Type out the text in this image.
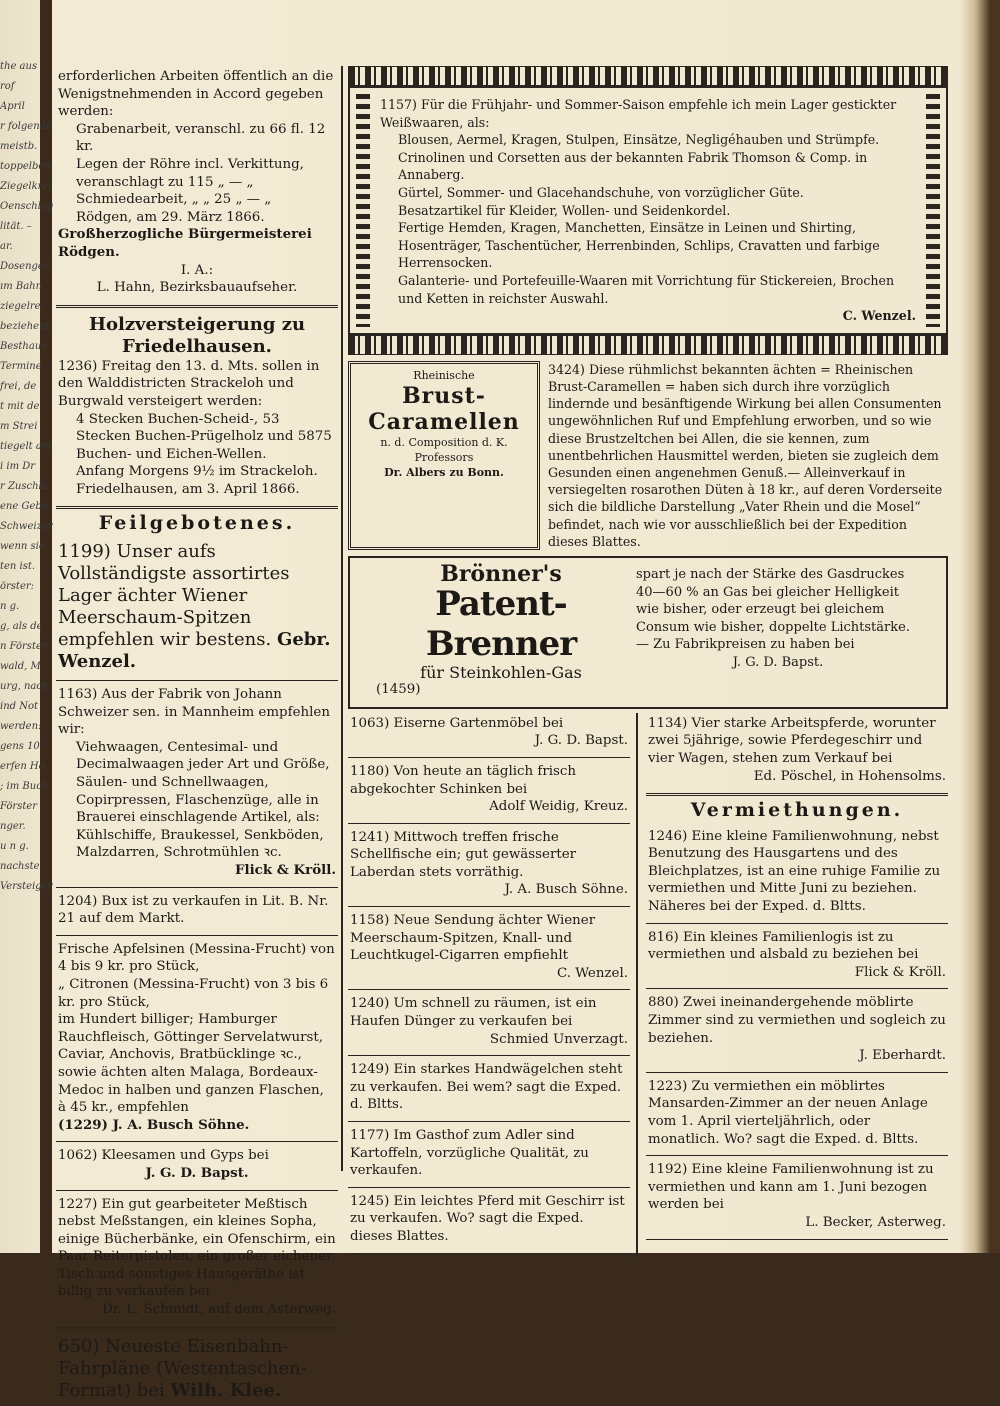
the aus
rof
April
r folgende
meistb.
toppelben
Ziegelkrei
Oenschlag
lität. –
ar.
Dosenger
ım Bahn
ziegelrei
beziehent
Besthaus
Termine
frei, de
t mit de
m Strei
tiegelt am
i im Dr
r Zuschla
ene Gebo
Schweizer
wenn sie
ten ist.
örster:
n g.
g, als de
n Förster
wald, M
urg, nach
ind Not
werden:
gens 10
erfen Ho
; im Buch
Förster
nger.
u n g.
nachste
Versteiger
erforderlichen Arbeiten öffentlich an die Wenigstnehmenden in Accord gegeben werden:
Grabenarbeit, veranschl. zu 66 fl. 12 kr.
Legen der Röhre incl. Verkittung, veranschlagt zu 115 „ — „
Schmiedearbeit, „ „ 25 „ — „
Rödgen, am 29. März 1866.
Großherzogliche Bürgermeisterei Rödgen.
I. A.:
L. Hahn, Bezirksbauaufseher.
Holzversteigerung zu Friedelhausen.
1236) Freitag den 13. d. Mts. sollen in den Walddistricten Strackeloh und Burgwald versteigert werden:
4 Stecken Buchen-Scheid-, 53 Stecken Buchen-Prügelholz und 5875 Buchen- und Eichen-Wellen.
Anfang Morgens 9½ im Strackeloh.
Friedelhausen, am 3. April 1866.
Feilgebotenes.
1199) Unser aufs Vollständigste assortirtes Lager ächter Wiener Meerschaum-Spitzen empfehlen wir bestens. Gebr. Wenzel.
1163) Aus der Fabrik von Johann Schweizer sen. in Mannheim empfehlen wir:
Viehwaagen, Centesimal- und Decimalwaagen jeder Art und Größe, Säulen- und Schnellwaagen, Copirpressen, Flaschenzüge, alle in Brauerei einschlagende Artikel, als: Kühlschiffe, Braukessel, Senkböden, Malzdarren, Schrotmühlen ꝛc.
Flick & Kröll.
1204) Bux ist zu verkaufen in Lit. B. Nr. 21 auf dem Markt.
Frische Apfelsinen (Messina-Frucht) von 4 bis 9 kr. pro Stück,
„ Citronen (Messina-Frucht) von 3 bis 6 kr. pro Stück,
im Hundert billiger; Hamburger Rauchfleisch, Göttinger Servelatwurst, Caviar, Anchovis, Bratbücklinge ꝛc., sowie ächten alten Malaga, Bordeaux-Medoc in halben und ganzen Flaschen, à 45 kr., empfehlen
(1229) J. A. Busch Söhne.
1062) Kleesamen und Gyps bei
J. G. D. Bapst.
1227) Ein gut gearbeiteter Meßtisch nebst Meßstangen, ein kleines Sopha, einige Bücherbänke, ein Ofenschirm, ein Paar Reiterpistolen, ein großer eichener Tisch und sonstiges Hausgeräthe ist billig zu verkaufen bei
Dr. L. Schmidt, auf dem Asterweg.
650) Neueste Eisenbahn-Fahrpläne (Westentaschen-Format) bei Wilh. Klee.
1157) Für die Frühjahr- und Sommer-Saison empfehle ich mein Lager gestickter Weißwaaren, als:
Blousen, Aermel, Kragen, Stulpen, Einsätze, Negligéhauben und Strümpfe.
Crinolinen und Corsetten aus der bekannten Fabrik Thomson & Comp. in Annaberg.
Gürtel, Sommer- und Glacehandschuhe, von vorzüglicher Güte.
Besatzartikel für Kleider, Wollen- und Seidenkordel.
Fertige Hemden, Kragen, Manchetten, Einsätze in Leinen und Shirting, Hosenträger, Taschentücher, Herrenbinden, Schlips, Cravatten und farbige Herrensocken.
Galanterie- und Portefeuille-Waaren mit Vorrichtung für Stickereien, Brochen und Ketten in reichster Auswahl.
C. Wenzel.
Rheinische
Brust-Caramellen
n. d. Composition d. K. Professors
Dr. Albers zu Bonn.
3424) Diese rühmlichst bekannten ächten = Rheinischen Brust-Caramellen = haben sich durch ihre vorzüglich lindernde und besänftigende Wirkung bei allen Consumenten ungewöhnlichen Ruf und Empfehlung erworben, und so wie diese Brustzeltchen bei Allen, die sie kennen, zum unentbehrlichen Hausmittel werden, bieten sie zugleich dem Gesunden einen angenehmen Genuß.— Alleinverkauf in versiegelten rosarothen Düten à 18 kr., auf deren Vorderseite sich die bildliche Darstellung „Vater Rhein und die Mosel“ befindet, nach wie vor ausschließlich bei der Expedition dieses Blattes.
Brönner's
Patent-Brenner
für Steinkohlen-Gas
(1459)
spart je nach der Stärke des Gasdruckes 40—60 % an Gas bei gleicher Helligkeit wie bisher, oder erzeugt bei gleichem Consum wie bisher, doppelte Lichtstärke. — Zu Fabrikpreisen zu haben bei
J. G. D. Bapst.
1063) Eiserne Gartenmöbel bei
J. G. D. Bapst.
1180) Von heute an täglich frisch abgekochter Schinken bei
Adolf Weidig, Kreuz.
1241) Mittwoch treffen frische Schellfische ein; gut gewässerter Laberdan stets vorräthig.
J. A. Busch Söhne.
1158) Neue Sendung ächter Wiener Meerschaum-Spitzen, Knall- und Leuchtkugel-Cigarren empfiehlt
C. Wenzel.
1240) Um schnell zu räumen, ist ein Haufen Dünger zu verkaufen bei
Schmied Unverzagt.
1249) Ein starkes Handwägelchen steht zu verkaufen. Bei wem? sagt die Exped. d. Bltts.
1177) Im Gasthof zum Adler sind Kartoffeln, vorzügliche Qualität, zu verkaufen.
1245) Ein leichtes Pferd mit Geschirr ist zu verkaufen. Wo? sagt die Exped. dieses Blattes.
1134) Vier starke Arbeitspferde, worunter zwei 5jährige, sowie Pferdegeschirr und vier Wagen, stehen zum Verkauf bei
Ed. Pöschel, in Hohensolms.
Vermiethungen.
1246) Eine kleine Familienwohnung, nebst Benutzung des Hausgartens und des Bleichplatzes, ist an eine ruhige Familie zu vermiethen und Mitte Juni zu beziehen. Näheres bei der Exped. d. Bltts.
816) Ein kleines Familienlogis ist zu vermiethen und alsbald zu beziehen bei
Flick & Kröll.
880) Zwei ineinandergehende möblirte Zimmer sind zu vermiethen und sogleich zu beziehen.
J. Eberhardt.
1223) Zu vermiethen ein möblirtes Mansarden-Zimmer an der neuen Anlage vom 1. April vierteljährlich, oder monatlich. Wo? sagt die Exped. d. Bltts.
1192) Eine kleine Familienwohnung ist zu vermiethen und kann am 1. Juni bezogen werden bei
L. Becker, Asterweg.
